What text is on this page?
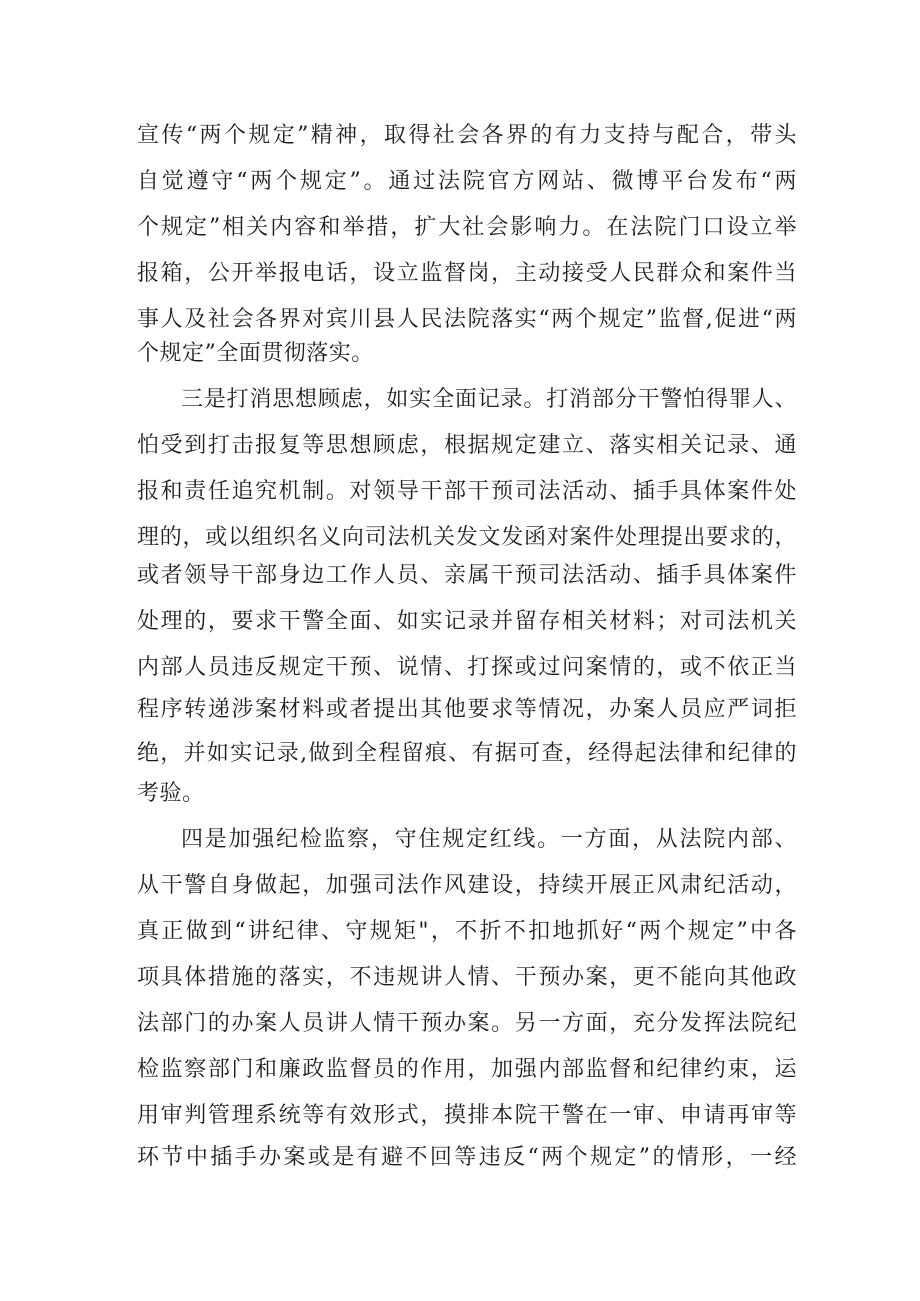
宣传“两个规定”精神，取得社会各界的有力支持与配合，带头
自觉遵守“两个规定”。通过法院官方网站、微博平台发布“两
个规定”相关内容和举措，扩大社会影响力。在法院门口设立举
报箱，公开举报电话，设立监督岗，主动接受人民群众和案件当
事人及社会各界对宾川县人民法院落实“两个规定”监督,促进“两
个规定”全面贯彻落实。
三是打消思想顾虑，如实全面记录。打消部分干警怕得罪人、
怕受到打击报复等思想顾虑，根据规定建立、落实相关记录、通
报和责任追究机制。对领导干部干预司法活动、插手具体案件处
理的，或以组织名义向司法机关发文发函对案件处理提出要求的，
或者领导干部身边工作人员、亲属干预司法活动、插手具体案件
处理的，要求干警全面、如实记录并留存相关材料；对司法机关
内部人员违反规定干预、说情、打探或过问案情的，或不依正当
程序转递涉案材料或者提出其他要求等情况，办案人员应严词拒
绝，并如实记录,做到全程留痕、有据可查，经得起法律和纪律的
考验。
四是加强纪检监察，守住规定红线。一方面，从法院内部、
从干警自身做起，加强司法作风建设，持续开展正风肃纪活动，
真正做到“讲纪律、守规矩"，不折不扣地抓好“两个规定”中各
项具体措施的落实，不违规讲人情、干预办案，更不能向其他政
法部门的办案人员讲人情干预办案。另一方面，充分发挥法院纪
检监察部门和廉政监督员的作用，加强内部监督和纪律约束，运
用审判管理系统等有效形式，摸排本院干警在一审、申请再审等
环节中插手办案或是有避不回等违反“两个规定”的情形，一经
